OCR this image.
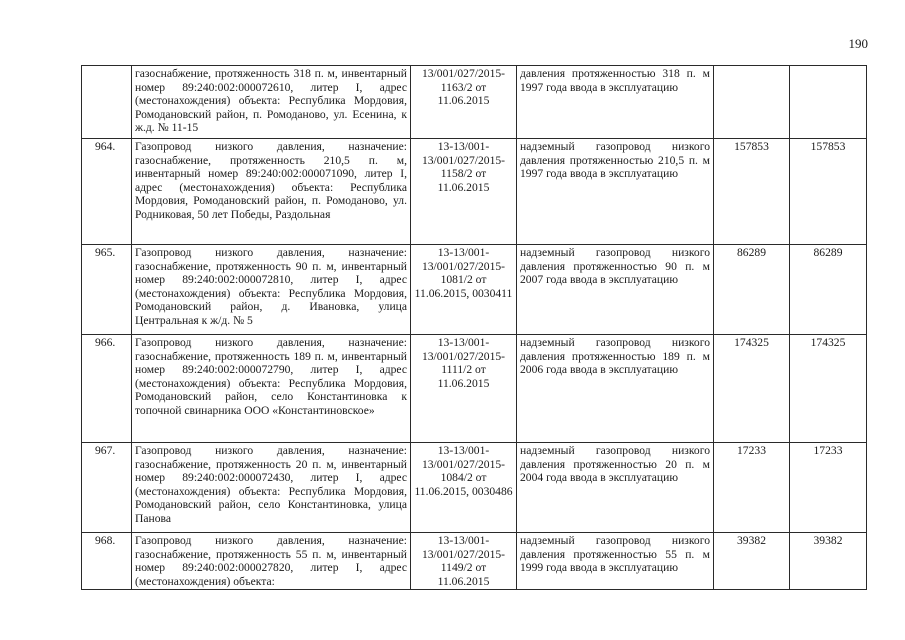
190
	газоснабжение, протяженность 318 п. м, инвентарный номер 89:240:002:000072610, литер I, адрес (местонахождения) объекта: Республика Мордовия, Ромодановский район, п. Ромоданово, ул. Есенина, к ж.д. № 11-15	13/001/027/2015-1163/2 от 11.06.2015	давления протяженностью 318 п. м 1997 года ввода в эксплуатацию		
964.	Газопровод низкого давления, назначение: газоснабжение, протяженность 210,5 п. м, инвентарный номер 89:240:002:000071090, литер I, адрес (местонахождения) объекта: Республика Мордовия, Ромодановский район, п. Ромоданово, ул. Родниковая, 50 лет Победы, Раздольная	13-13/001-13/001/027/2015-1158/2 от 11.06.2015	надземный газопровод низкого давления протяженностью 210,5 п. м 1997 года ввода в эксплуатацию	157853	157853
965.	Газопровод низкого давления, назначение: газоснабжение, протяженность 90 п. м, инвентарный номер 89:240:002:000072810, литер I, адрес (местонахождения) объекта: Республика Мордовия, Ромодановский район, д. Ивановка, улица Центральная к ж/д. № 5	13-13/001-13/001/027/2015-1081/2 от 11.06.2015, 0030411	надземный газопровод низкого давления протяженностью 90 п. м 2007 года ввода в эксплуатацию	86289	86289
966.	Газопровод низкого давления, назначение: газоснабжение, протяженность 189 п. м, инвентарный номер 89:240:002:000072790, литер I, адрес (местонахождения) объекта: Республика Мордовия, Ромодановский район, село Константиновка к топочной свинарника ООО «Константиновское»	13-13/001-13/001/027/2015-1111/2 от 11.06.2015	надземный газопровод низкого давления протяженностью 189 п. м 2006 года ввода в эксплуатацию	174325	174325
967.	Газопровод низкого давления, назначение: газоснабжение, протяженность 20 п. м, инвентарный номер 89:240:002:000072430, литер I, адрес (местонахождения) объекта: Республика Мордовия, Ромодановский район, село Константиновка, улица Панова	13-13/001-13/001/027/2015-1084/2 от 11.06.2015, 0030486	надземный газопровод низкого давления протяженностью 20 п. м 2004 года ввода в эксплуатацию	17233	17233
968.	Газопровод низкого давления, назначение: газоснабжение, протяженность 55 п. м, инвентарный номер 89:240:002:000027820, литер I, адрес (местонахождения) объекта:	13-13/001-13/001/027/2015-1149/2 от 11.06.2015	надземный газопровод низкого давления протяженностью 55 п. м 1999 года ввода в эксплуатацию	39382	39382
